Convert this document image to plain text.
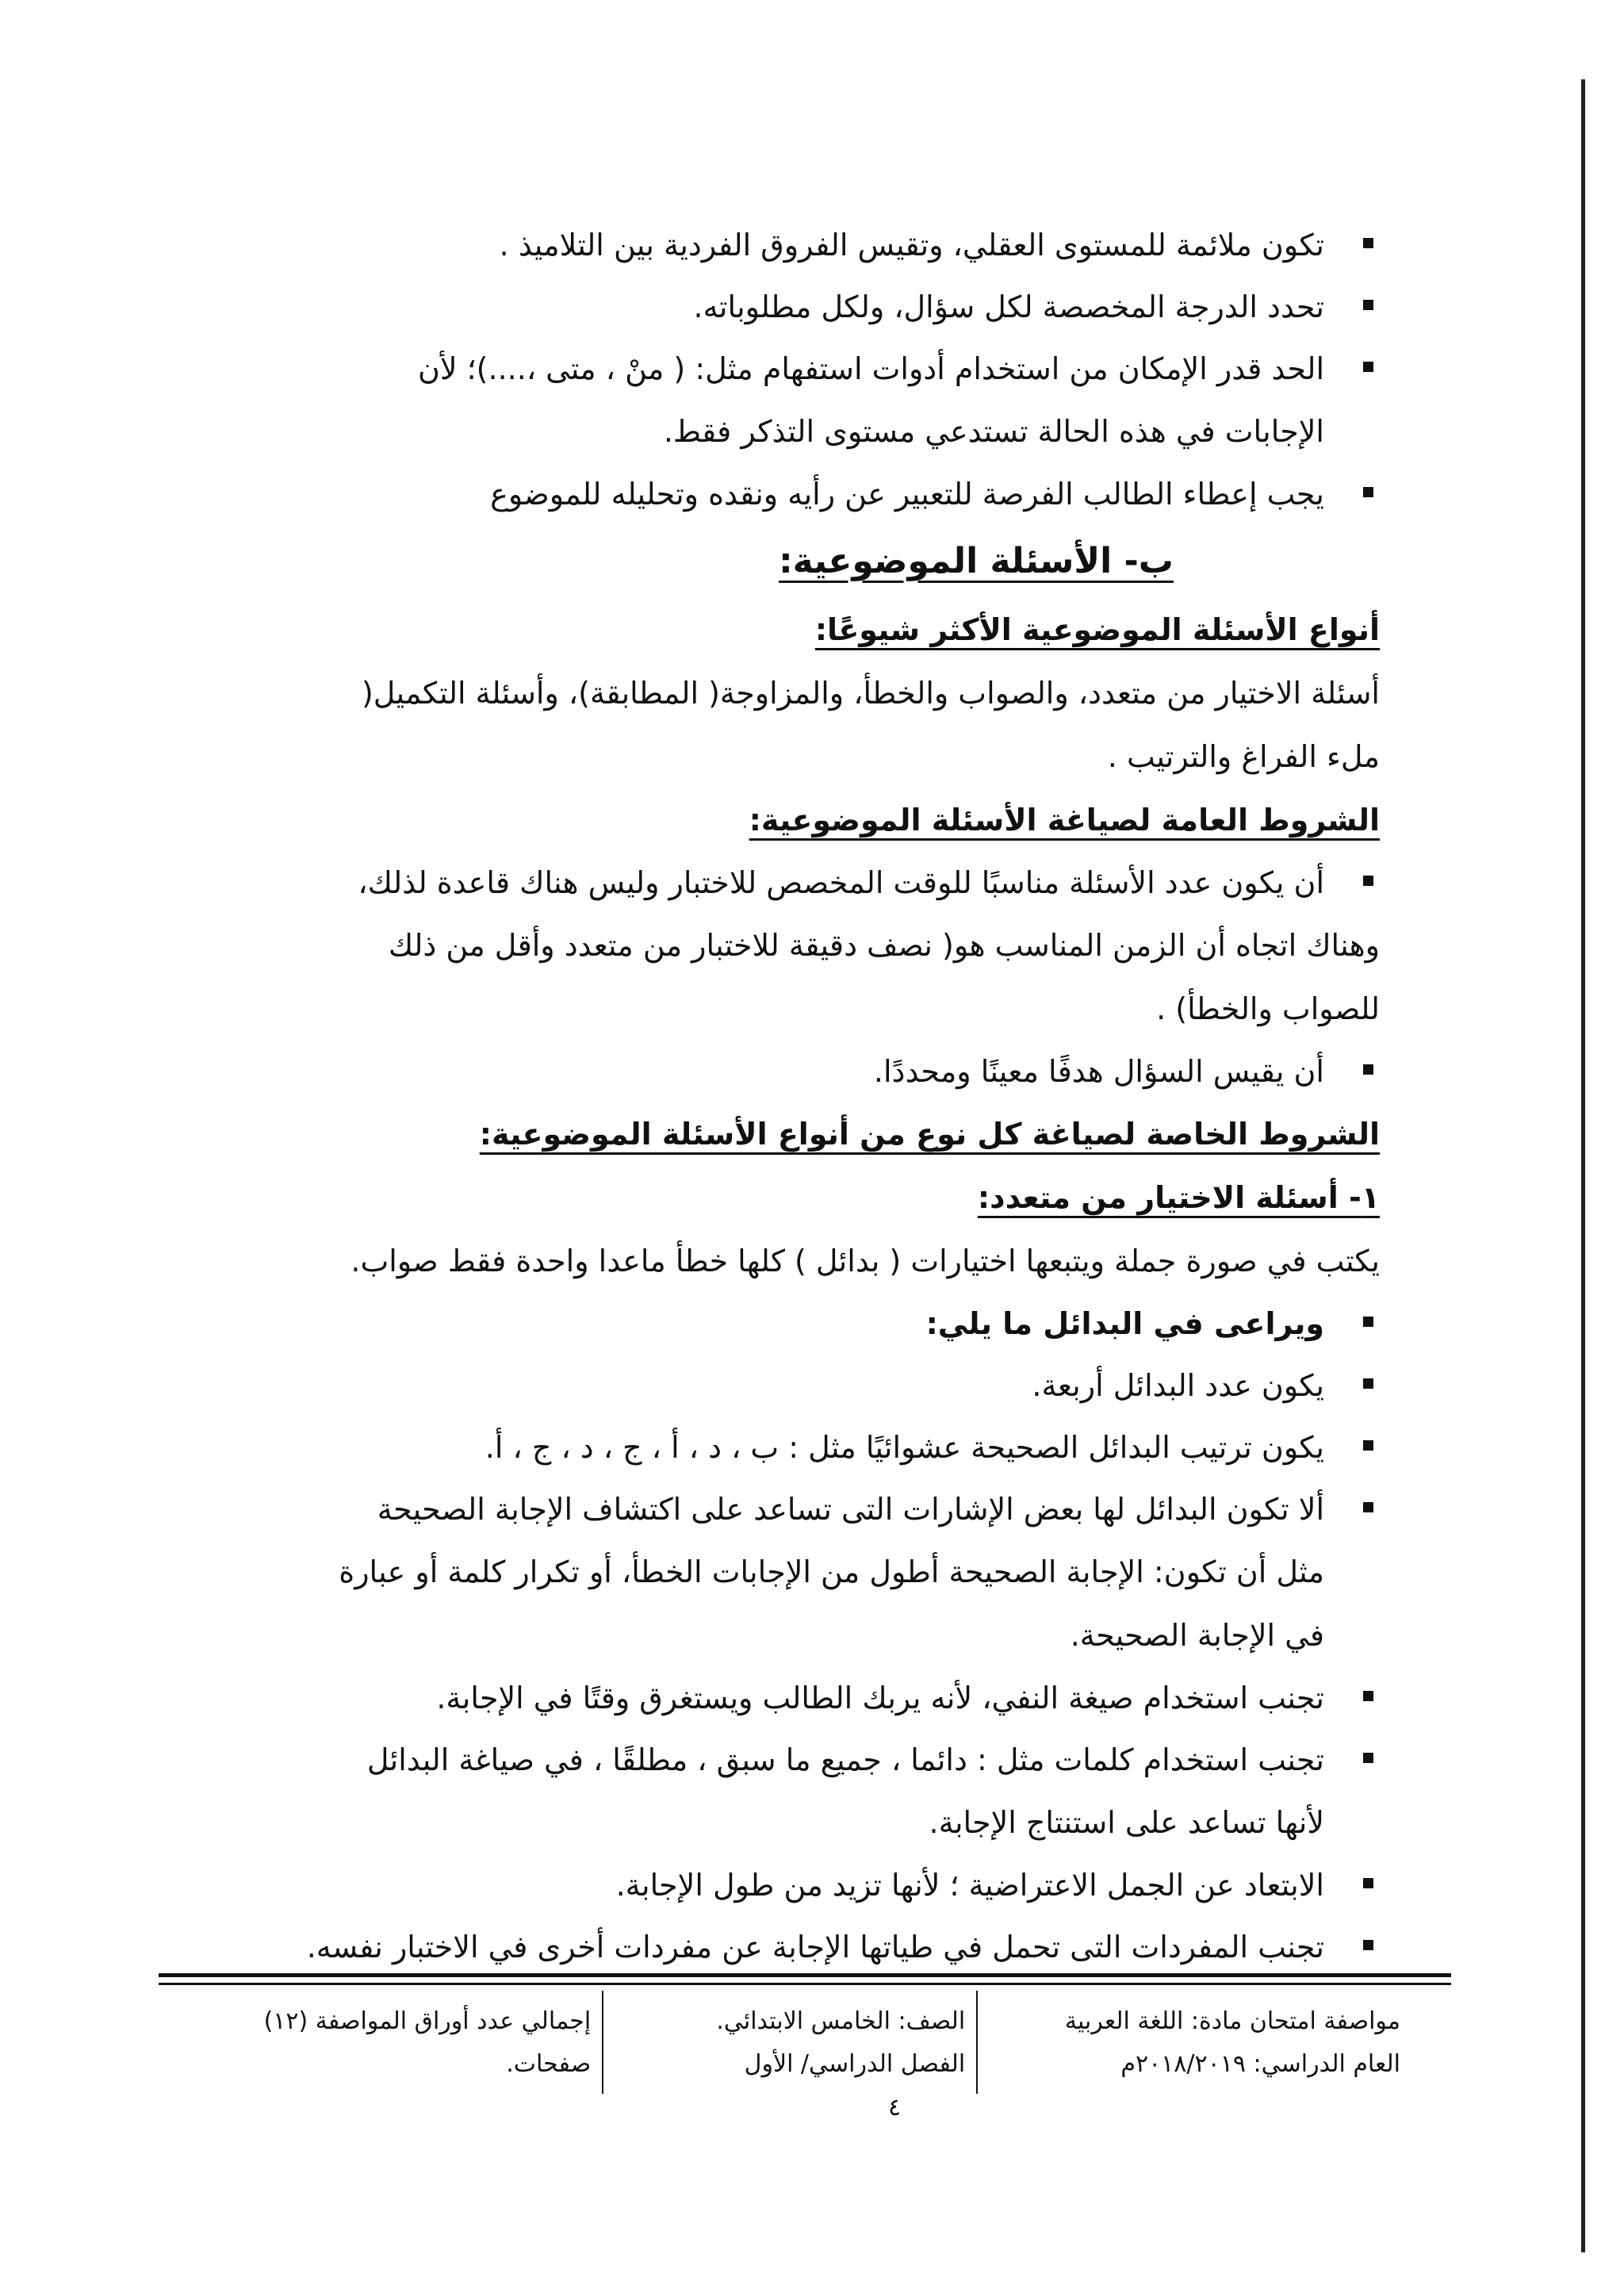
تكون ملائمة للمستوى العقلي، وتقيس الفروق الفردية بين التلاميذ .

تحدد الدرجة المخصصة لكل سؤال، ولكل مطلوباته.

الحد قدر الإمكان من استخدام أدوات استفهام مثل: ( منْ ، متى ،....)؛ لأن

الإجابات في هذه الحالة تستدعي مستوى التذكر فقط.

يجب إعطاء الطالب الفرصة للتعبير عن رأيه ونقده وتحليله للموضوع

ب- الأسئلة الموضوعية:

أنواع الأسئلة الموضوعية الأكثر شيوعًا:

أسئلة الاختيار من متعدد، والصواب والخطأ، والمزاوجة( المطابقة)، وأسئلة التكميل(

ملء الفراغ والترتيب .

الشروط العامة لصياغة الأسئلة الموضوعية:

أن يكون عدد الأسئلة مناسبًا للوقت المخصص للاختبار وليس هناك قاعدة لذلك،

وهناك اتجاه أن الزمن المناسب هو( نصف دقيقة للاختبار من متعدد وأقل من ذلك

للصواب والخطأ) .

أن يقيس السؤال هدفًا معينًا ومحددًا.

الشروط الخاصة لصياغة كل نوع من أنواع الأسئلة الموضوعية:

١- أسئلة الاختيار من متعدد:

يكتب في صورة جملة ويتبعها اختيارات ( بدائل ) كلها خطأ ماعدا واحدة فقط صواب.

ويراعى في البدائل ما يلي:

يكون عدد البدائل أربعة.

يكون ترتيب البدائل الصحيحة عشوائيًا مثل : ب ، د ، أ ، ج ، د ، ج ، أ.

ألا تكون البدائل لها بعض الإشارات التى تساعد على اكتشاف الإجابة الصحيحة

مثل أن تكون: الإجابة الصحيحة أطول من الإجابات الخطأ، أو تكرار كلمة أو عبارة

في الإجابة الصحيحة.

تجنب استخدام صيغة النفي، لأنه يربك الطالب ويستغرق وقتًا في الإجابة.

تجنب استخدام كلمات مثل : دائما ، جميع ما سبق ، مطلقًا ، في صياغة البدائل

لأنها تساعد على استنتاج الإجابة.

الابتعاد عن الجمل الاعتراضية ؛ لأنها تزيد من طول الإجابة.

تجنب المفردات التى تحمل في طياتها الإجابة عن مفردات أخرى في الاختبار نفسه.

مواصفة امتحان مادة: اللغة العربية
العام الدراسي: ٢٠١٨/٢٠١٩م
الصف: الخامس الابتدائي.
الفصل الدراسي/ الأول
إجمالي عدد أوراق المواصفة (١٢) صفحات.
٤
